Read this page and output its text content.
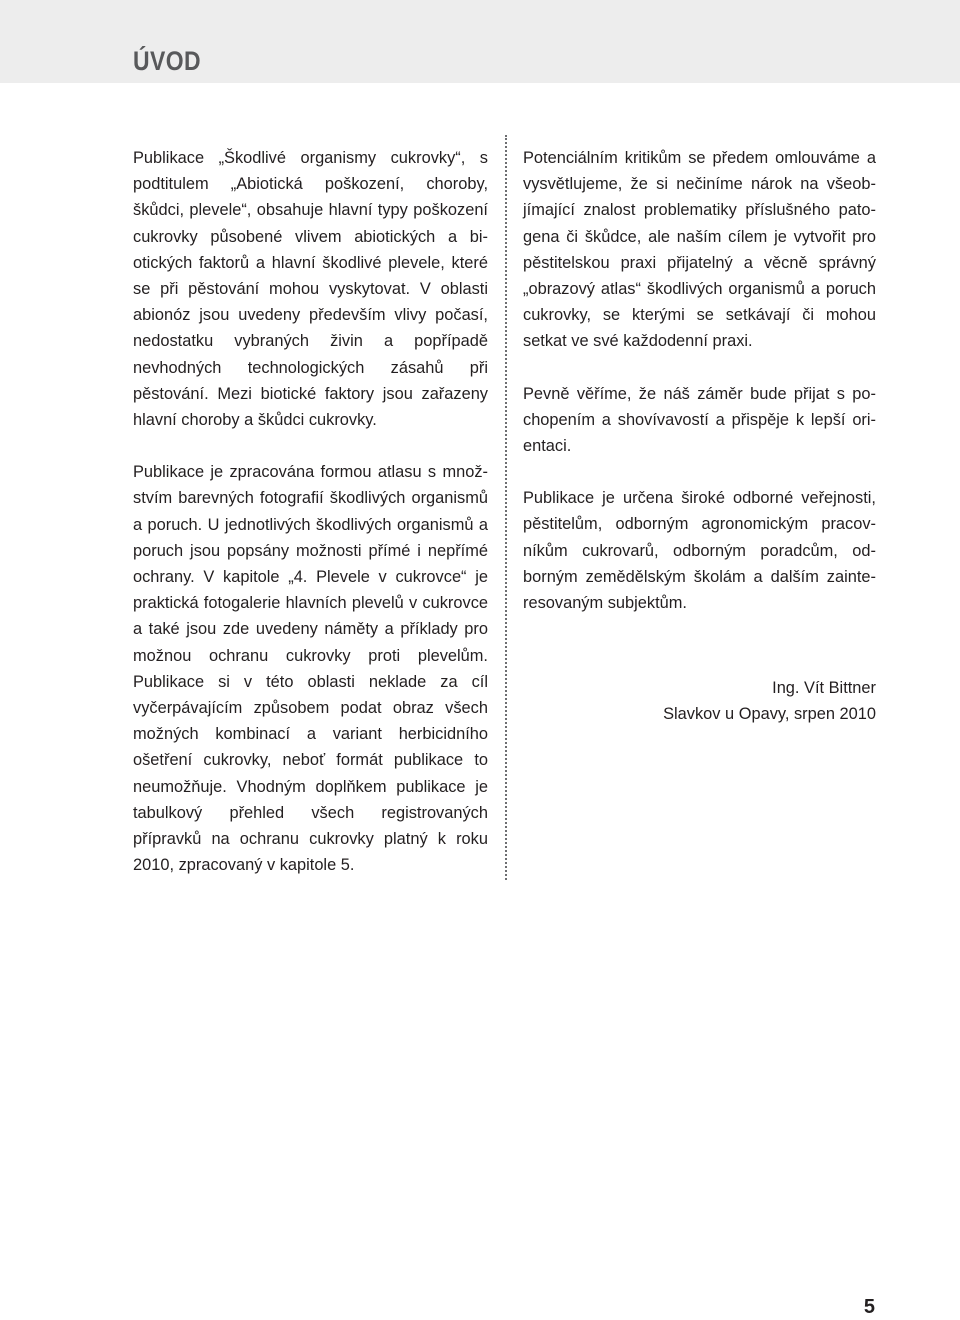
ÚVOD

Publikace „Škodlivé organismy cukrovky“, s podtitulem „Abiotická poškození, choroby, škůdci, plevele“, obsahuje hlavní typy poškození cukrovky působené vlivem abiotických a biotických faktorů a hlavní škodlivé plevele, které se při pěstování mohou vyskytovat. V oblasti abionóz jsou uvedeny především vlivy počasí, nedostatku vybraných živin a popřípadě nevhodných technologických zásahů při pěstování. Mezi biotické faktory jsou zařazeny hlavní choroby a škůdci cukrovky.

Publikace je zpracována formou atlasu s množstvím barevných fotografií škodlivých organismů a poruch. U jednotlivých škodlivých organismů a poruch jsou popsány možnosti přímé i nepřímé ochrany. V kapitole „4. Plevele v cukrovce“ je praktická fotogalerie hlavních plevelů v cukrovce a také jsou zde uvedeny náměty a příklady pro možnou ochranu cukrovky proti plevelům. Publikace si v této oblasti neklade za cíl vyčerpávajícím způsobem podat obraz všech možných kombinací a variant herbicidního ošetření cukrovky, neboť formát publikace to neumožňuje. Vhodným doplňkem publikace je tabulkový přehled všech registrovaných přípravků na ochranu cukrovky platný k roku 2010, zpracovaný v kapitole 5.

Potenciálním kritikům se předem omlouváme a vysvětlujeme, že si nečiníme nárok na všeobjímající znalost problematiky příslušného patogena či škůdce, ale naším cílem je vytvořit pro pěstitelskou praxi přijatelný a věcně správný „obrazový atlas“ škodlivých organismů a poruch cukrovky, se kterými se setkávají či mohou setkat ve své každodenní praxi.

Pevně věříme, že náš záměr bude přijat s pochopením a shovívavostí a přispěje k lepší orientaci.

Publikace je určena široké odborné veřejnosti, pěstitelům, odborným agronomickým pracovníkům cukrovarů, odborným poradcům, odborným zemědělským školám a dalším zainteresovaným subjektům.

Ing. Vít Bittner
Slavkov u Opavy, srpen 2010
5
